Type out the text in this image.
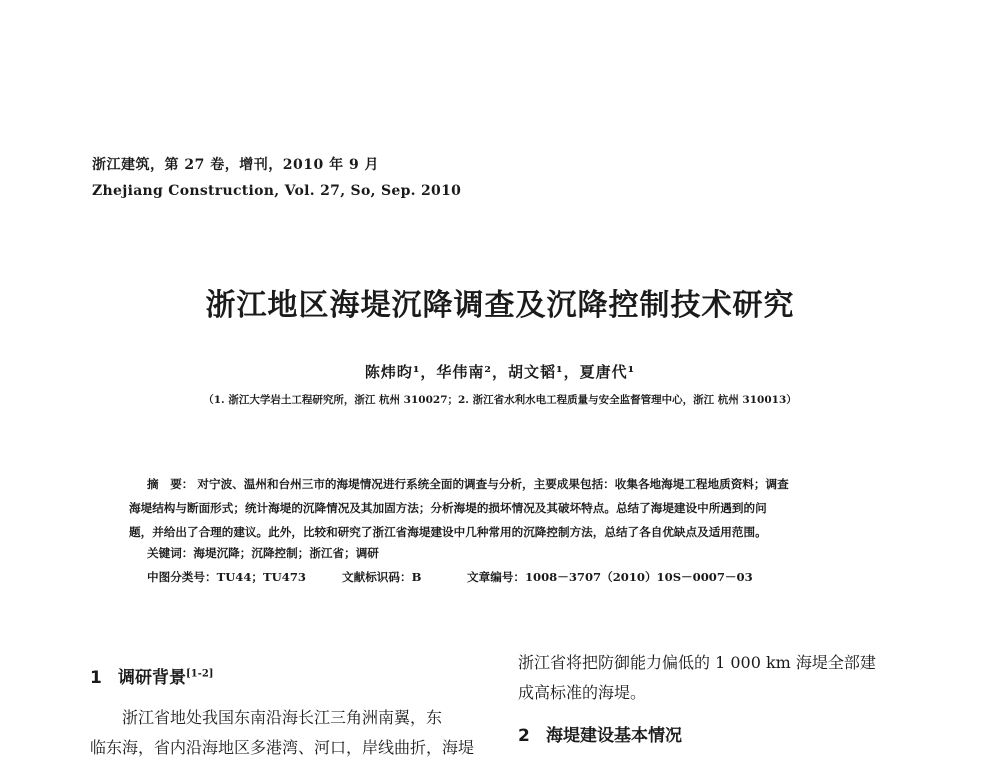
浙江建筑，第 27 卷，增刊，2010 年 9 月
Zhejiang Construction, Vol. 27, So, Sep. 2010
浙江地区海堤沉降调查及沉降控制技术研究
陈炜昀¹，华伟南²，胡文韬¹，夏唐代¹
（1. 浙江大学岩土工程研究所，浙江 杭州 310027；2. 浙江省水利水电工程质量与安全监督管理中心，浙江 杭州 310013）
摘　要： 对宁波、温州和台州三市的海堤情况进行系统全面的调查与分析，主要成果包括：收集各地海堤工程地质资料；调查
海堤结构与断面形式；统计海堤的沉降情况及其加固方法；分析海堤的损坏情况及其破坏特点。总结了海堤建设中所遇到的问
题，并给出了合理的建议。此外，比较和研究了浙江省海堤建设中几种常用的沉降控制方法，总结了各自优缺点及适用范围。
关键词：海堤沉降；沉降控制；浙江省；调研
中图分类号：TU44；TU473	文献标识码：B	文章编号：1008－3707（2010）10S－0007－03
1 调研背景[1-2]
浙江省地处我国东南沿海长江三角洲南翼，东
临东海，省内沿海地区多港湾、河口，岸线曲折，海堤
浙江省将把防御能力偏低的 1 000 km 海堤全部建
成高标准的海堤。
2 海堤建设基本情况
